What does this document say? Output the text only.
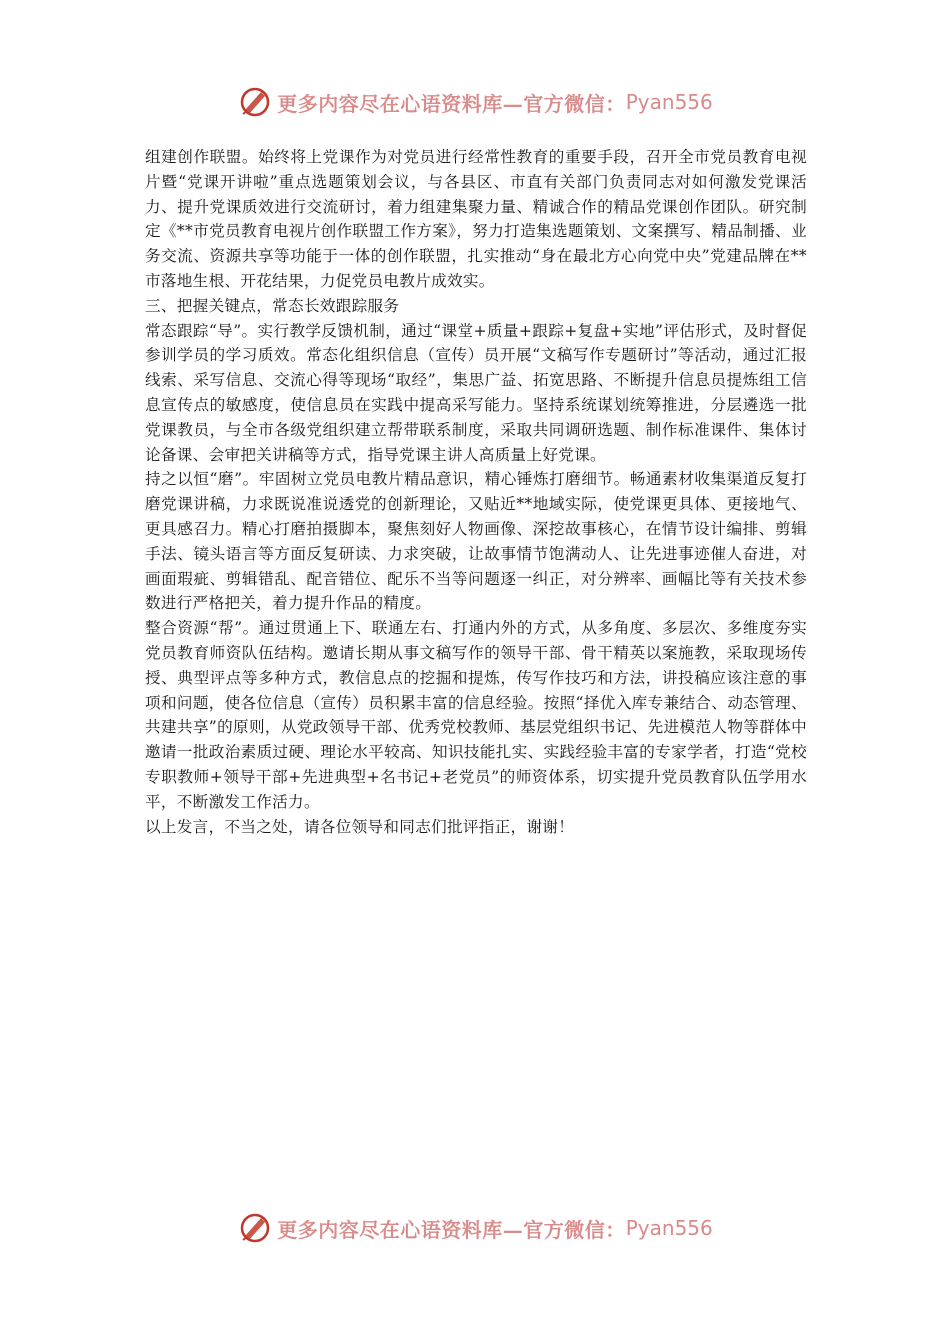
更多内容尽在心语资料库—官方微信： Pyan556

组建创作联盟。始终将上党课作为对党员进行经常性教育的重要手段，召开全市党员教育电视片暨“党课开讲啦”重点选题策划会议，与各县区、市直有关部门负责同志对如何激发党课活力、提升党课质效进行交流研讨，着力组建集聚力量、精诚合作的精品党课创作团队。研究制定《**市党员教育电视片创作联盟工作方案》，努力打造集选题策划、文案撰写、精品制播、业务交流、资源共享等功能于一体的创作联盟，扎实推动“身在最北方心向党中央”党建品牌在**市落地生根、开花结果，力促党员电教片成效实。

三、把握关键点，常态长效跟踪服务

常态跟踪“导”。实行教学反馈机制，通过“课堂+质量+跟踪+复盘+实地”评估形式，及时督促参训学员的学习质效。常态化组织信息（宣传）员开展“文稿写作专题研讨”等活动，通过汇报线索、采写信息、交流心得等现场“取经”，集思广益、拓宽思路、不断提升信息员提炼组工信息宣传点的敏感度，使信息员在实践中提高采写能力。坚持系统谋划统筹推进，分层遴选一批党课教员，与全市各级党组织建立帮带联系制度，采取共同调研选题、制作标准课件、集体讨论备课、会审把关讲稿等方式，指导党课主讲人高质量上好党课。

持之以恒“磨”。牢固树立党员电教片精品意识，精心锤炼打磨细节。畅通素材收集渠道反复打磨党课讲稿，力求既说准说透党的创新理论，又贴近**地域实际，使党课更具体、更接地气、更具感召力。精心打磨拍摄脚本，聚焦刻好人物画像、深挖故事核心，在情节设计编排、剪辑手法、镜头语言等方面反复研读、力求突破，让故事情节饱满动人、让先进事迹催人奋进，对画面瑕疵、剪辑错乱、配音错位、配乐不当等问题逐一纠正，对分辨率、画幅比等有关技术参数进行严格把关，着力提升作品的精度。

整合资源“帮”。通过贯通上下、联通左右、打通内外的方式，从多角度、多层次、多维度夯实党员教育师资队伍结构。邀请长期从事文稿写作的领导干部、骨干精英以案施教，采取现场传授、典型评点等多种方式，教信息点的挖掘和提炼，传写作技巧和方法，讲投稿应该注意的事项和问题，使各位信息（宣传）员积累丰富的信息经验。按照“择优入库专兼结合、动态管理、共建共享”的原则，从党政领导干部、优秀党校教师、基层党组织书记、先进模范人物等群体中邀请一批政治素质过硬、理论水平较高、知识技能扎实、实践经验丰富的专家学者，打造“党校专职教师+领导干部+先进典型+名书记+老党员”的师资体系，切实提升党员教育队伍学用水平，不断激发工作活力。

以上发言，不当之处，请各位领导和同志们批评指正，谢谢！

更多内容尽在心语资料库—官方微信： Pyan556
